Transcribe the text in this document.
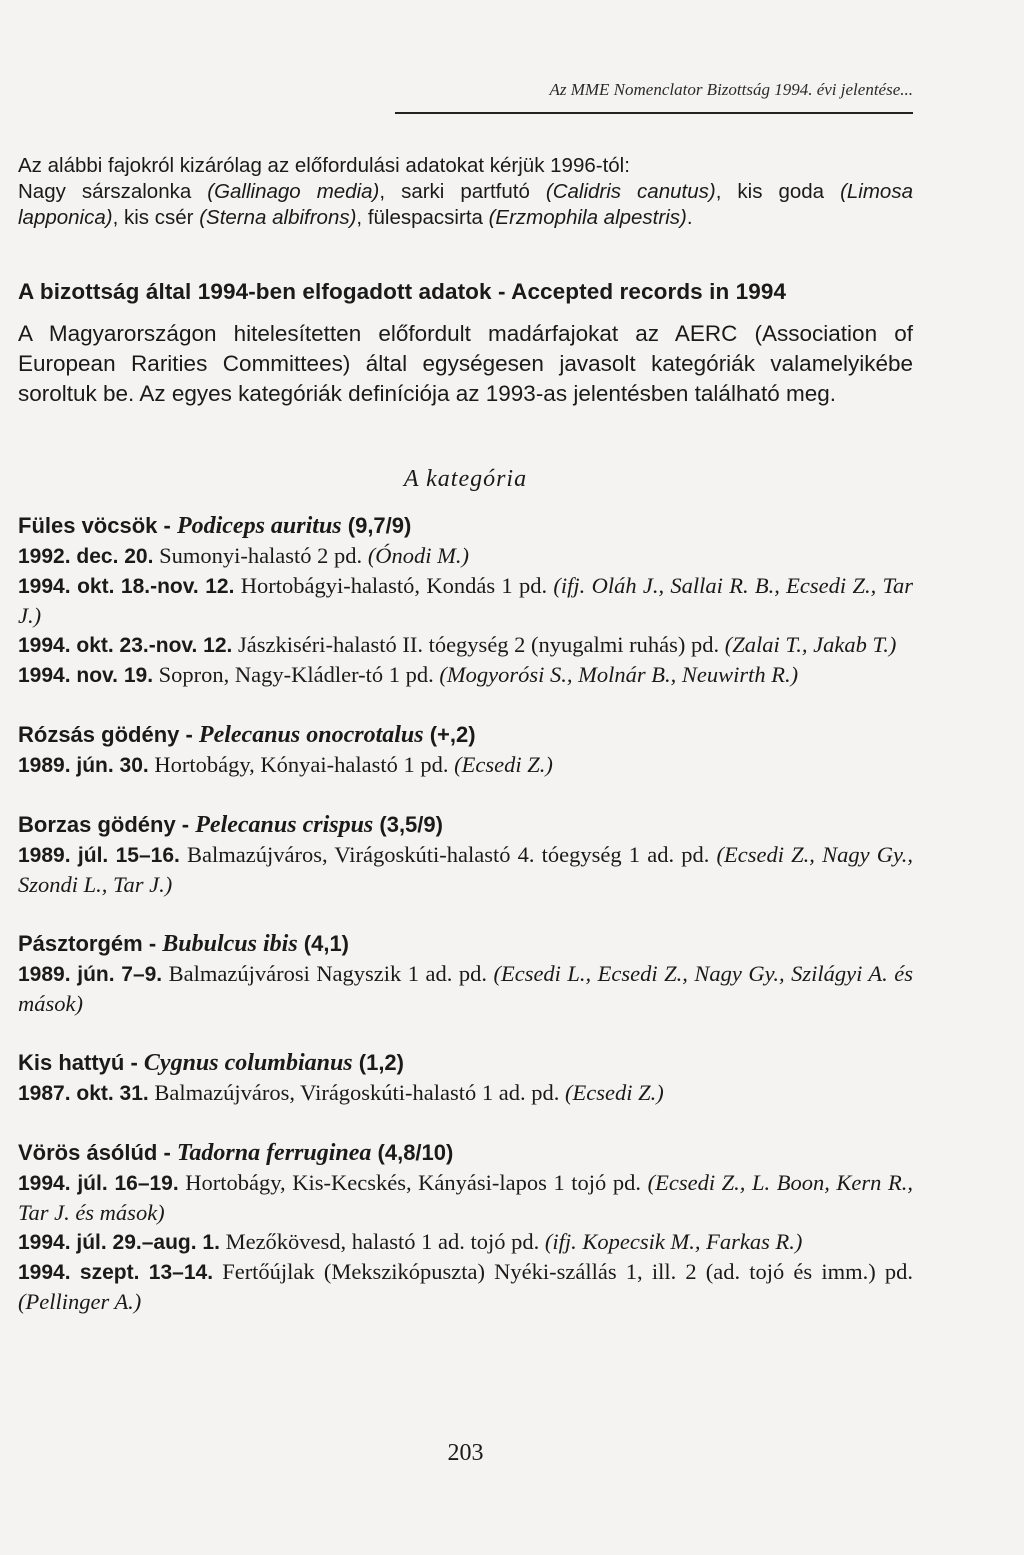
Az MME Nomenclator Bizottság 1994. évi jelentése...
Az alábbi fajokról kizárólag az előfordulási adatokat kérjük 1996-tól:
Nagy sárszalonka (Gallinago media), sarki partfutó (Calidris canutus), kis goda (Limosa lapponica), kis csér (Sterna albifrons), fülespacsirta (Erzmophila alpestris).
A bizottság által 1994-ben elfogadott adatok - Accepted records in 1994
A Magyarországon hitelesítetten előfordult madárfajokat az AERC (Association of European Rarities Committees) által egységesen javasolt kategóriák valamelyikébe soroltuk be. Az egyes kategóriák definíciója az 1993-as jelentésben található meg.
A kategória
Füles vöcsök - Podiceps auritus (9,7/9)
1992. dec. 20. Sumonyi-halastó 2 pd. (Ónodi M.)
1994. okt. 18.-nov. 12. Hortobágyi-halastó, Kondás 1 pd. (ifj. Oláh J., Sallai R. B., Ecsedi Z., Tar J.)
1994. okt. 23.-nov. 12. Jászkiséri-halastó II. tóegység 2 (nyugalmi ruhás) pd. (Zalai T., Jakab T.)
1994. nov. 19. Sopron, Nagy-Kládler-tó 1 pd. (Mogyorósi S., Molnár B., Neuwirth R.)
Rózsás gödény - Pelecanus onocrotalus (+,2)
1989. jún. 30. Hortobágy, Kónyai-halastó 1 pd. (Ecsedi Z.)
Borzas gödény - Pelecanus crispus (3,5/9)
1989. júl. 15–16. Balmazújváros, Virágoskúti-halastó 4. tóegység 1 ad. pd. (Ecsedi Z., Nagy Gy., Szondi L., Tar J.)
Pásztorgém - Bubulcus ibis (4,1)
1989. jún. 7–9. Balmazújvárosi Nagyszik 1 ad. pd. (Ecsedi L., Ecsedi Z., Nagy Gy., Szilágyi A. és mások)
Kis hattyú - Cygnus columbianus (1,2)
1987. okt. 31. Balmazújváros, Virágoskúti-halastó 1 ad. pd. (Ecsedi Z.)
Vörös ásólúd - Tadorna ferruginea (4,8/10)
1994. júl. 16–19. Hortobágy, Kis-Kecskés, Kányási-lapos 1 tojó pd. (Ecsedi Z., L. Boon, Kern R., Tar J. és mások)
1994. júl. 29.–aug. 1. Mezőkövesd, halastó 1 ad. tojó pd. (ifj. Kopecsik M., Farkas R.)
1994. szept. 13–14. Fertőújlak (Mekszikópuszta) Nyéki-szállás 1, ill. 2 (ad. tojó és imm.) pd. (Pellinger A.)
203
